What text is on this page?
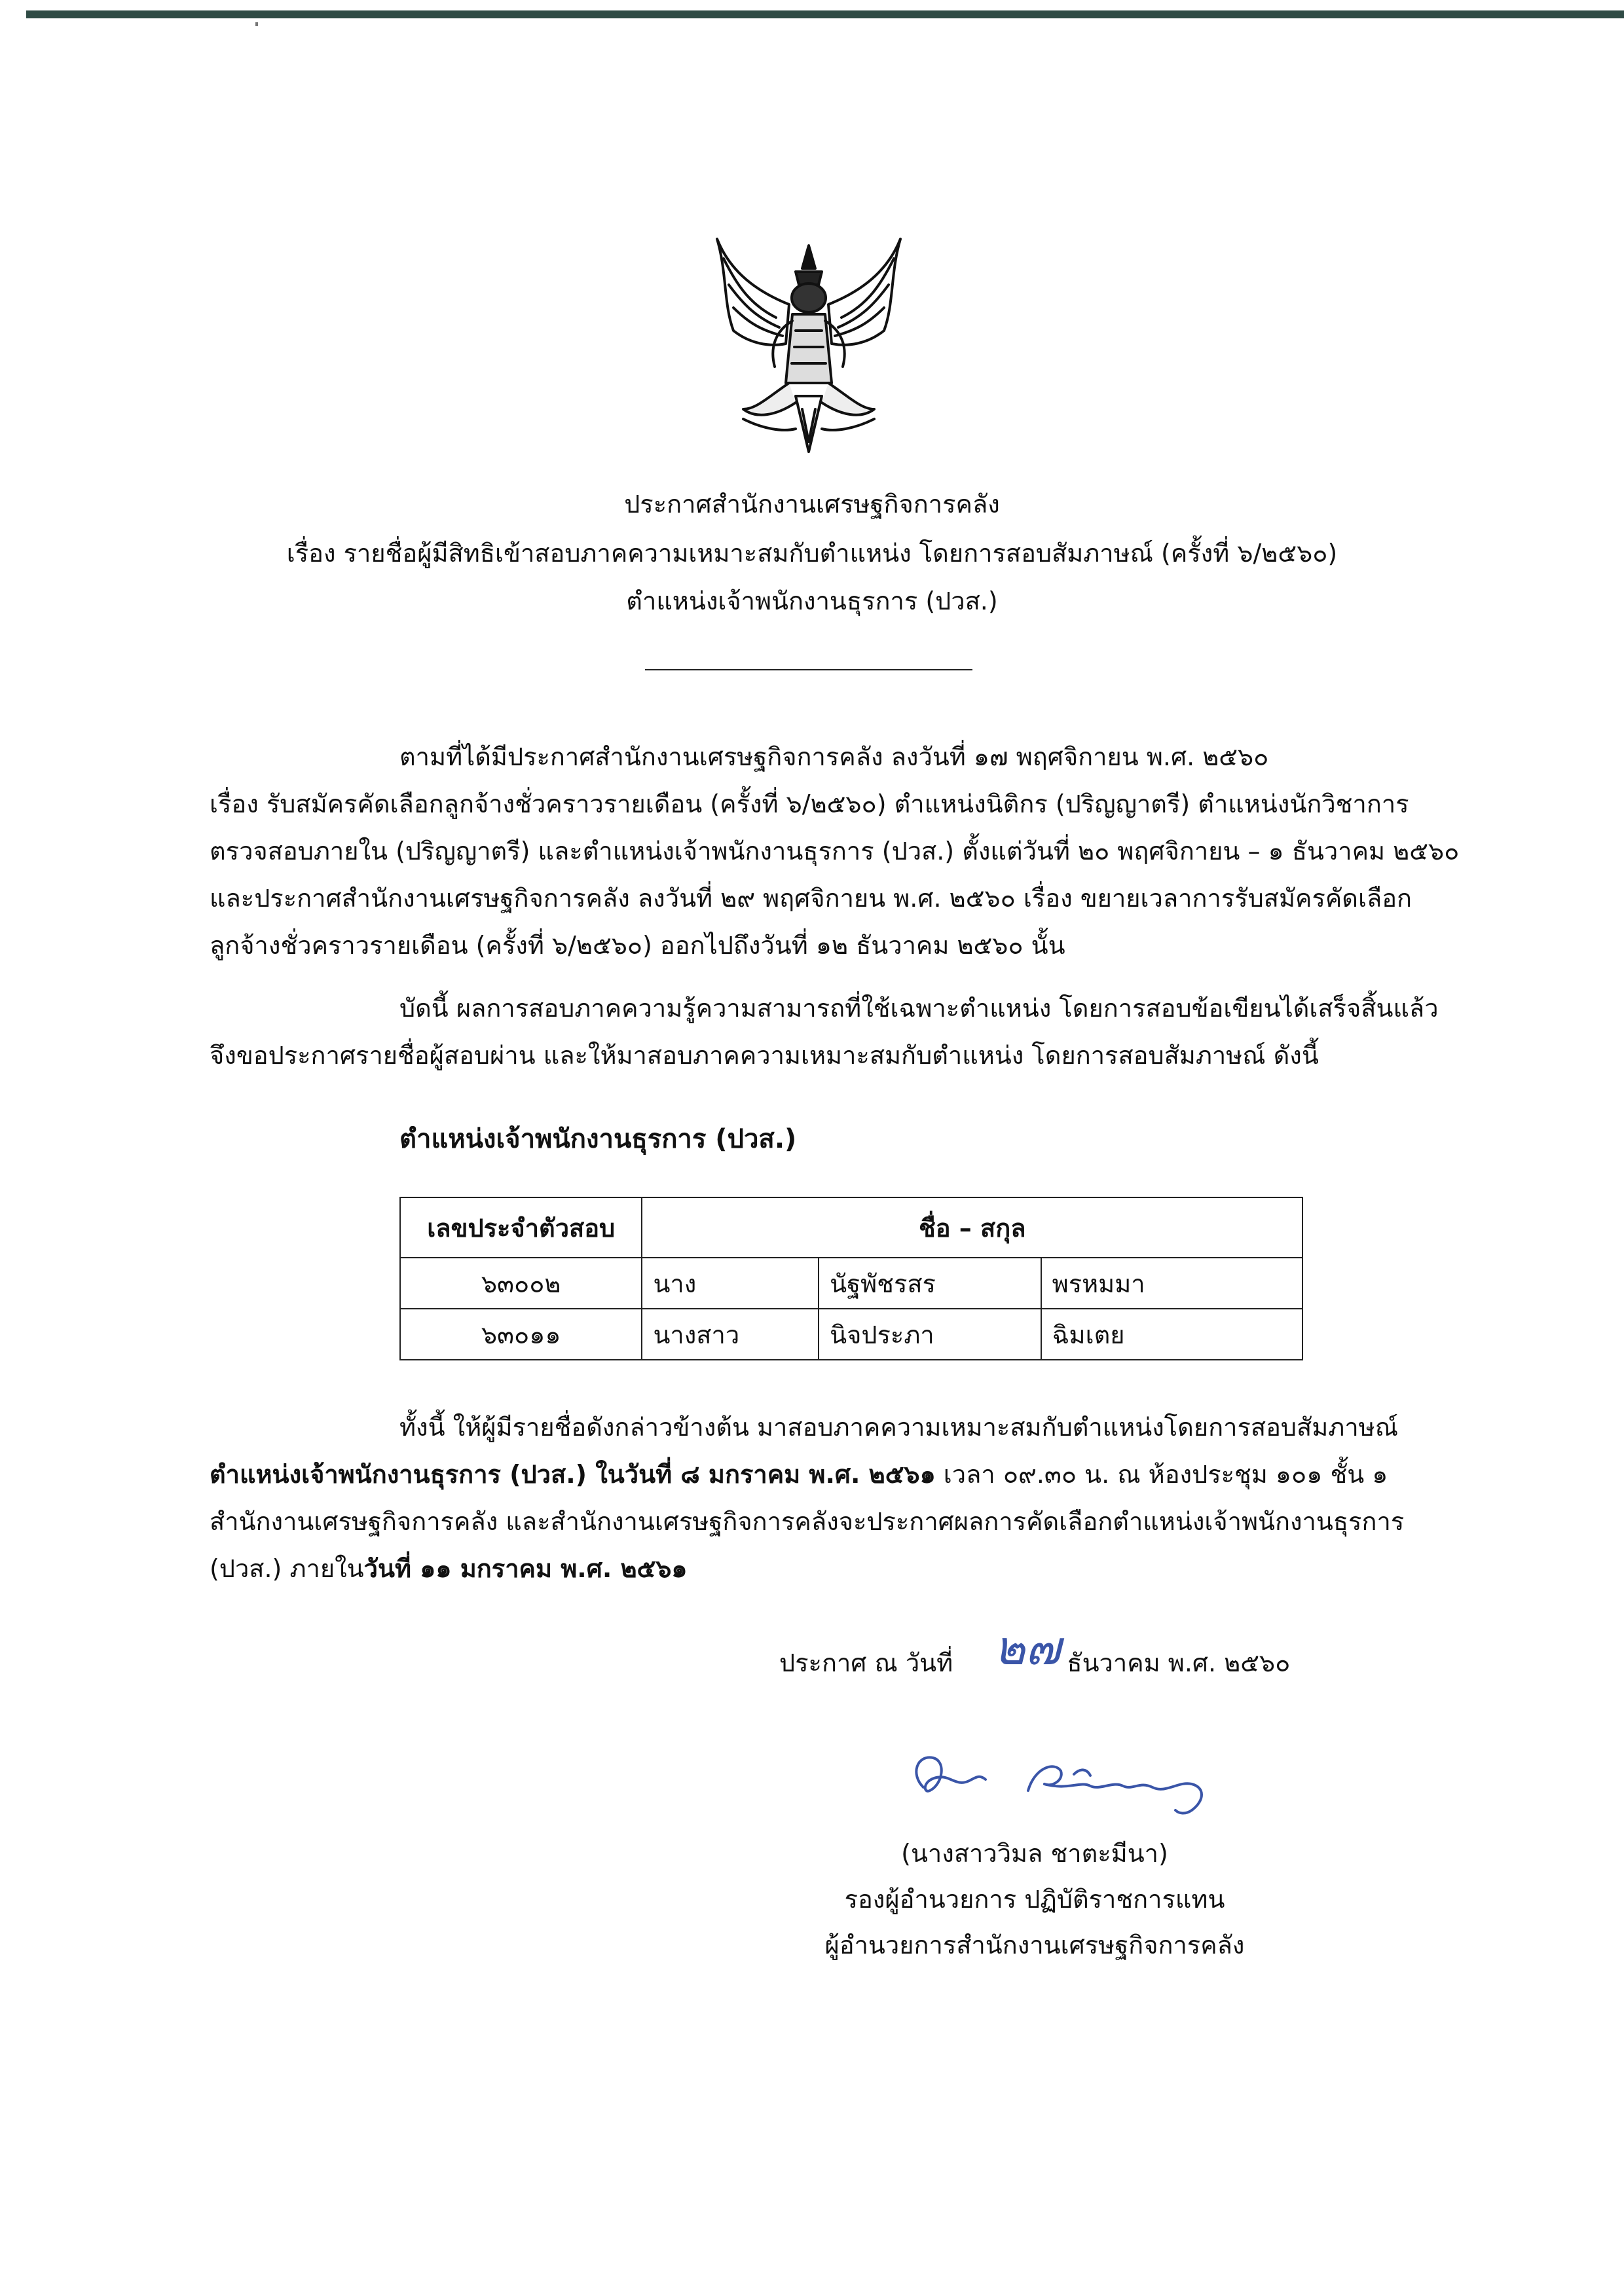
ประกาศสำนักงานเศรษฐกิจการคลัง
เรื่อง รายชื่อผู้มีสิทธิเข้าสอบภาคความเหมาะสมกับตำแหน่ง โดยการสอบสัมภาษณ์ (ครั้งที่ ๖/๒๕๖๐)
ตำแหน่งเจ้าพนักงานธุรการ (ปวส.)
ตามที่ได้มีประกาศสำนักงานเศรษฐกิจการคลัง ลงวันที่ ๑๗ พฤศจิกายน พ.ศ. ๒๕๖๐
เรื่อง รับสมัครคัดเลือกลูกจ้างชั่วคราวรายเดือน (ครั้งที่ ๖/๒๕๖๐) ตำแหน่งนิติกร (ปริญญาตรี) ตำแหน่งนักวิชาการ
ตรวจสอบภายใน (ปริญญาตรี) และตำแหน่งเจ้าพนักงานธุรการ (ปวส.) ตั้งแต่วันที่ ๒๐ พฤศจิกายน – ๑ ธันวาคม ๒๕๖๐
และประกาศสำนักงานเศรษฐกิจการคลัง ลงวันที่ ๒๙ พฤศจิกายน พ.ศ. ๒๕๖๐ เรื่อง ขยายเวลาการรับสมัครคัดเลือก
ลูกจ้างชั่วคราวรายเดือน (ครั้งที่ ๖/๒๕๖๐) ออกไปถึงวันที่ ๑๒ ธันวาคม ๒๕๖๐ นั้น
บัดนี้ ผลการสอบภาคความรู้ความสามารถที่ใช้เฉพาะตำแหน่ง โดยการสอบข้อเขียนได้เสร็จสิ้นแล้ว
จึงขอประกาศรายชื่อผู้สอบผ่าน และให้มาสอบภาคความเหมาะสมกับตำแหน่ง โดยการสอบสัมภาษณ์ ดังนี้
ตำแหน่งเจ้าพนักงานธุรการ (ปวส.)
เลขประจำตัวสอบ	ชื่อ – สกุล		
๖๓๐๐๒	นาง	นัฐพัชรสร	พรหมมา
๖๓๐๑๑	นางสาว	นิจประภา	ฉิมเตย
ทั้งนี้ ให้ผู้มีรายชื่อดังกล่าวข้างต้น มาสอบภาคความเหมาะสมกับตำแหน่งโดยการสอบสัมภาษณ์
ตำแหน่งเจ้าพนักงานธุรการ (ปวส.) ในวันที่ ๘ มกราคม พ.ศ. ๒๕๖๑ เวลา ๐๙.๓๐ น. ณ ห้องประชุม ๑๐๑ ชั้น ๑
สำนักงานเศรษฐกิจการคลัง และสำนักงานเศรษฐกิจการคลังจะประกาศผลการคัดเลือกตำแหน่งเจ้าพนักงานธุรการ
(ปวส.) ภายในวันที่ ๑๑ มกราคม พ.ศ. ๒๕๖๑
ประกาศ ณ วันที่	ธันวาคม พ.ศ. ๒๕๖๐
๒๗
(นางสาววิมล ชาตะมีนา)
รองผู้อำนวยการ ปฏิบัติราชการแทน
ผู้อำนวยการสำนักงานเศรษฐกิจการคลัง
